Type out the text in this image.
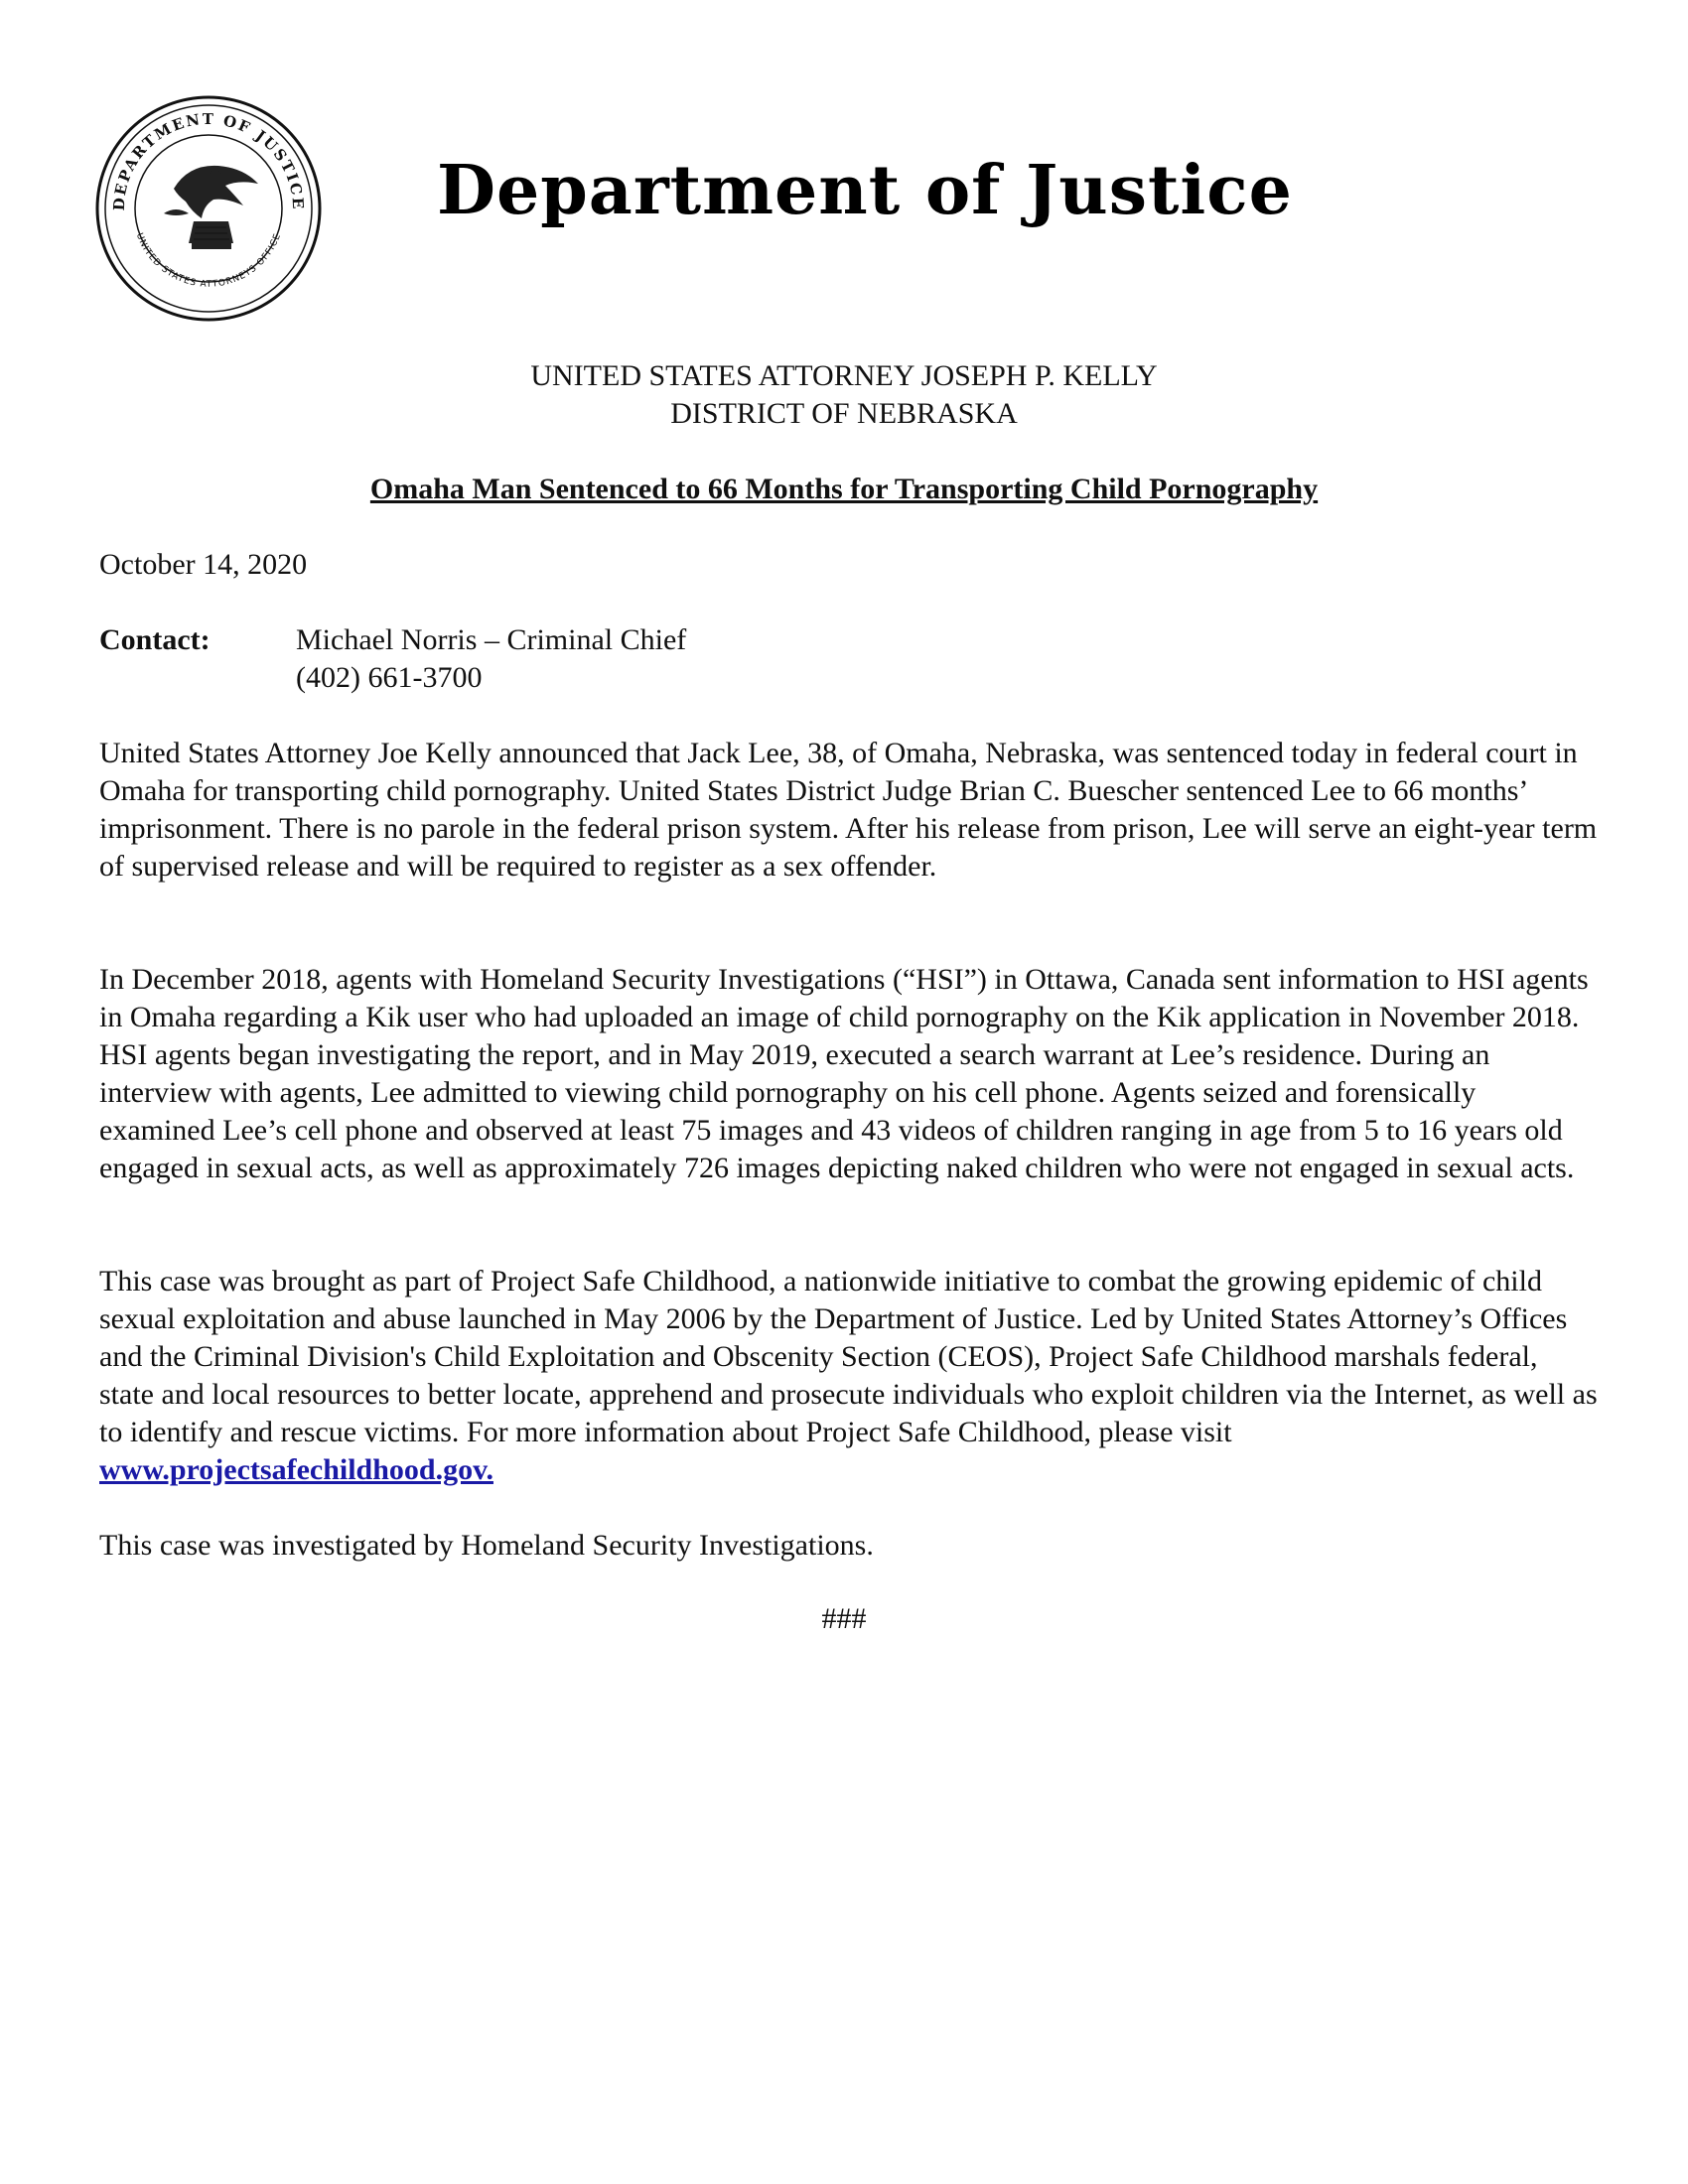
DEPARTMENT OF JUSTICE
UNITED STATES ATTORNEYS OFFICE
Department of Justice
UNITED STATES ATTORNEY JOSEPH P. KELLY
DISTRICT OF NEBRASKA
Omaha Man Sentenced to 66 Months for Transporting Child Pornography
October 14, 2020
Contact:	Michael Norris – Criminal Chief
(402) 661-3700
United States Attorney Joe Kelly announced that Jack Lee, 38, of Omaha, Nebraska, was sentenced today in federal court in Omaha for transporting child pornography. United States District Judge Brian C. Buescher sentenced Lee to 66 months’ imprisonment. There is no parole in the federal prison system. After his release from prison, Lee will serve an eight-year term of supervised release and will be required to register as a sex offender.
In December 2018, agents with Homeland Security Investigations (“HSI”) in Ottawa, Canada sent information to HSI agents in Omaha regarding a Kik user who had uploaded an image of child pornography on the Kik application in November 2018. HSI agents began investigating the report, and in May 2019, executed a search warrant at Lee’s residence. During an interview with agents, Lee admitted to viewing child pornography on his cell phone. Agents seized and forensically examined Lee’s cell phone and observed at least 75 images and 43 videos of children ranging in age from 5 to 16 years old engaged in sexual acts, as well as approximately 726 images depicting naked children who were not engaged in sexual acts.
This case was brought as part of Project Safe Childhood, a nationwide initiative to combat the growing epidemic of child sexual exploitation and abuse launched in May 2006 by the Department of Justice. Led by United States Attorney’s Offices and the Criminal Division's Child Exploitation and Obscenity Section (CEOS), Project Safe Childhood marshals federal, state and local resources to better locate, apprehend and prosecute individuals who exploit children via the Internet, as well as to identify and rescue victims. For more information about Project Safe Childhood, please visit www.projectsafechildhood.gov.
This case was investigated by Homeland Security Investigations.
###
